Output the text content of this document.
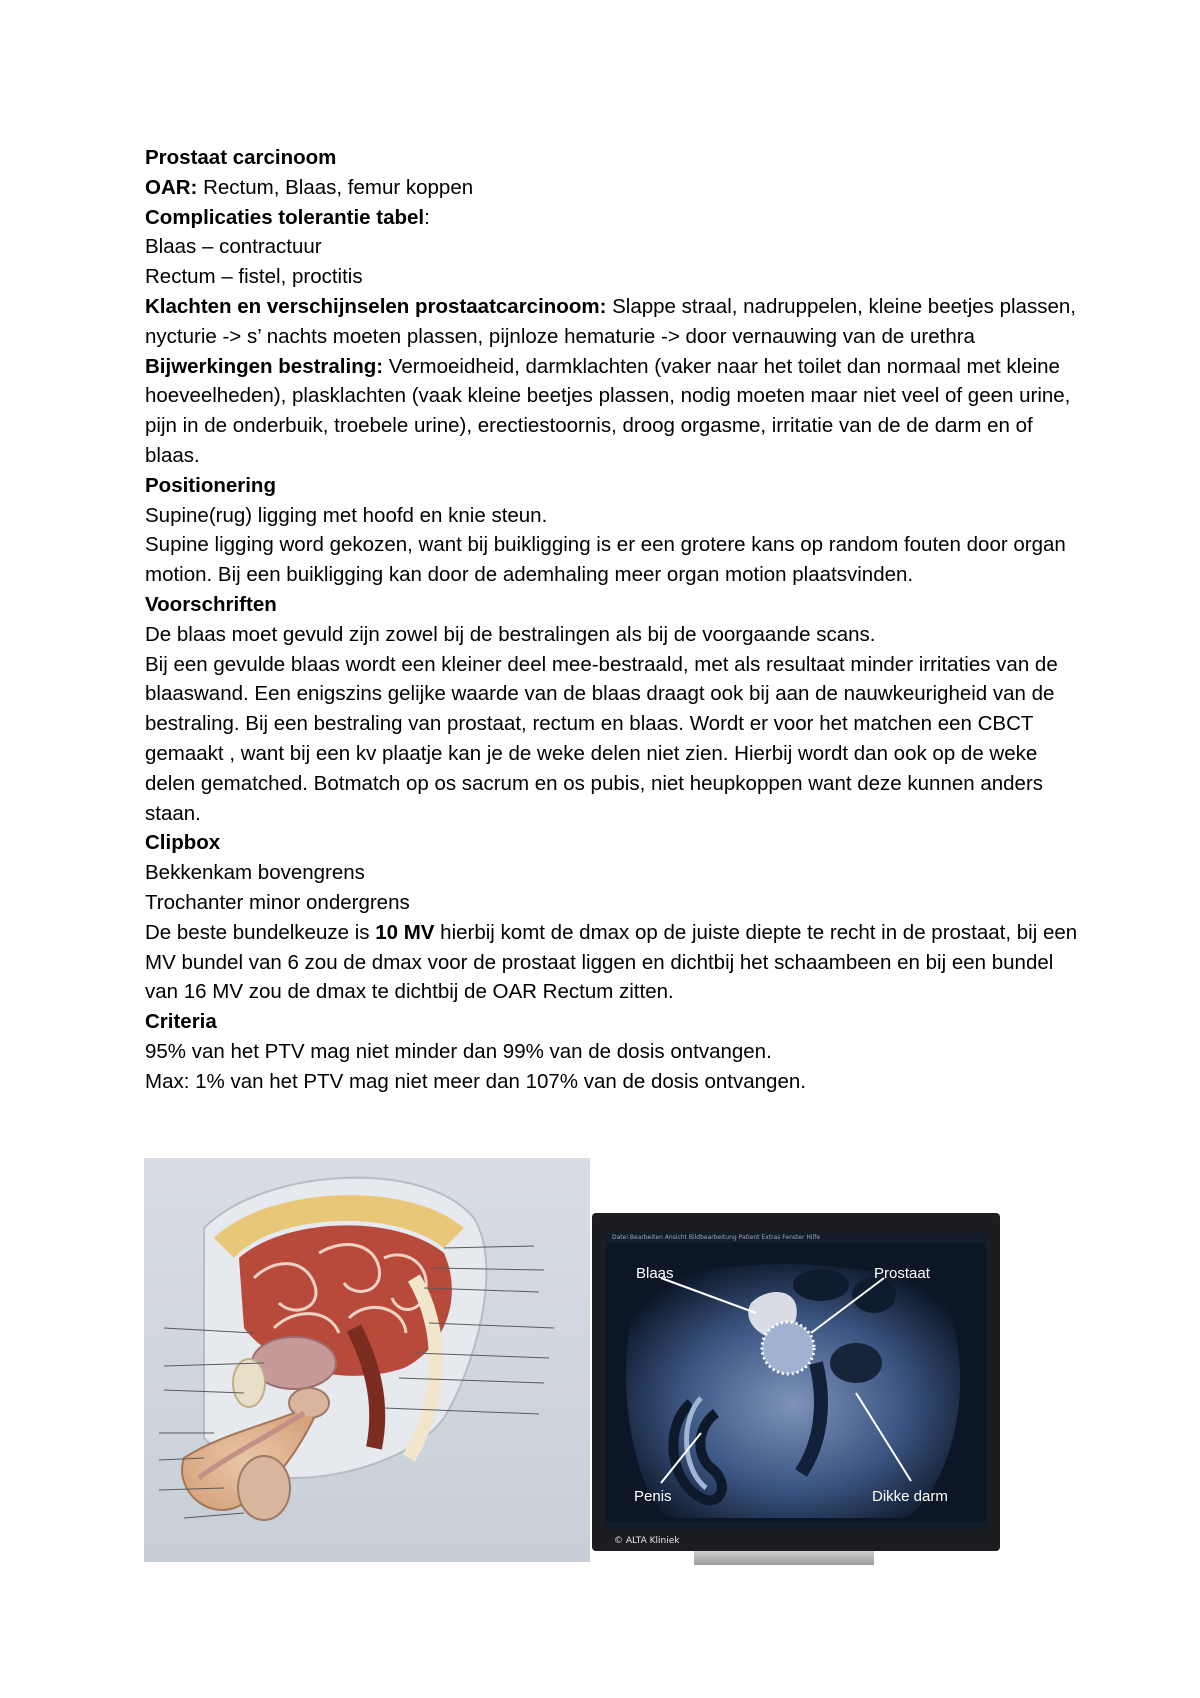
Prostaat carcinoom

OAR: Rectum, Blaas, femur koppen

Complicaties tolerantie tabel:

Blaas – contractuur

Rectum – fistel, proctitis

Klachten en verschijnselen prostaatcarcinoom: Slappe straal, nadruppelen, kleine beetjes plassen, nycturie -> s’ nachts moeten plassen, pijnloze hematurie -> door vernauwing van de urethra

Bijwerkingen bestraling: Vermoeidheid, darmklachten (vaker naar het toilet dan normaal met kleine hoeveelheden), plasklachten (vaak kleine beetjes plassen, nodig moeten maar niet veel of geen urine, pijn in de onderbuik, troebele urine), erectiestoornis, droog orgasme, irritatie van de de darm en of blaas.

Positionering

Supine(rug) ligging met hoofd en knie steun.

Supine ligging word gekozen, want bij buikligging is er een grotere kans op random fouten door organ motion. Bij een buikligging kan door de ademhaling meer organ motion plaatsvinden.

Voorschriften

De blaas moet gevuld zijn zowel bij de bestralingen als bij de voorgaande scans.

Bij een gevulde blaas wordt een kleiner deel mee-bestraald, met als resultaat minder irritaties van de blaaswand. Een enigszins gelijke waarde van de blaas draagt ook bij aan de nauwkeurigheid van de bestraling. Bij een bestraling van prostaat, rectum en blaas. Wordt er voor het matchen een CBCT gemaakt , want bij een kv plaatje kan je de weke delen niet zien. Hierbij wordt dan ook op de weke delen gematched. Botmatch op os sacrum en os pubis, niet heupkoppen want deze kunnen anders staan.

Clipbox

Bekkenkam bovengrens

Trochanter minor ondergrens

De beste bundelkeuze is 10 MV hierbij komt de dmax op de juiste diepte te recht in de prostaat, bij een MV bundel van 6 zou de dmax voor de prostaat liggen en dichtbij het schaambeen en bij een bundel van 16 MV zou de dmax te dichtbij de OAR Rectum zitten.

Criteria

95% van het PTV mag niet minder dan 99% van de dosis ontvangen.

Max: 1% van het PTV mag niet meer dan 107% van de dosis ontvangen.

Datei Bearbeiten Ansicht Bildbearbeitung Patient Extras Fenster Hilfe
Blaas	Prostaat
Penis	Dikke darm
© ALTA Kliniek
